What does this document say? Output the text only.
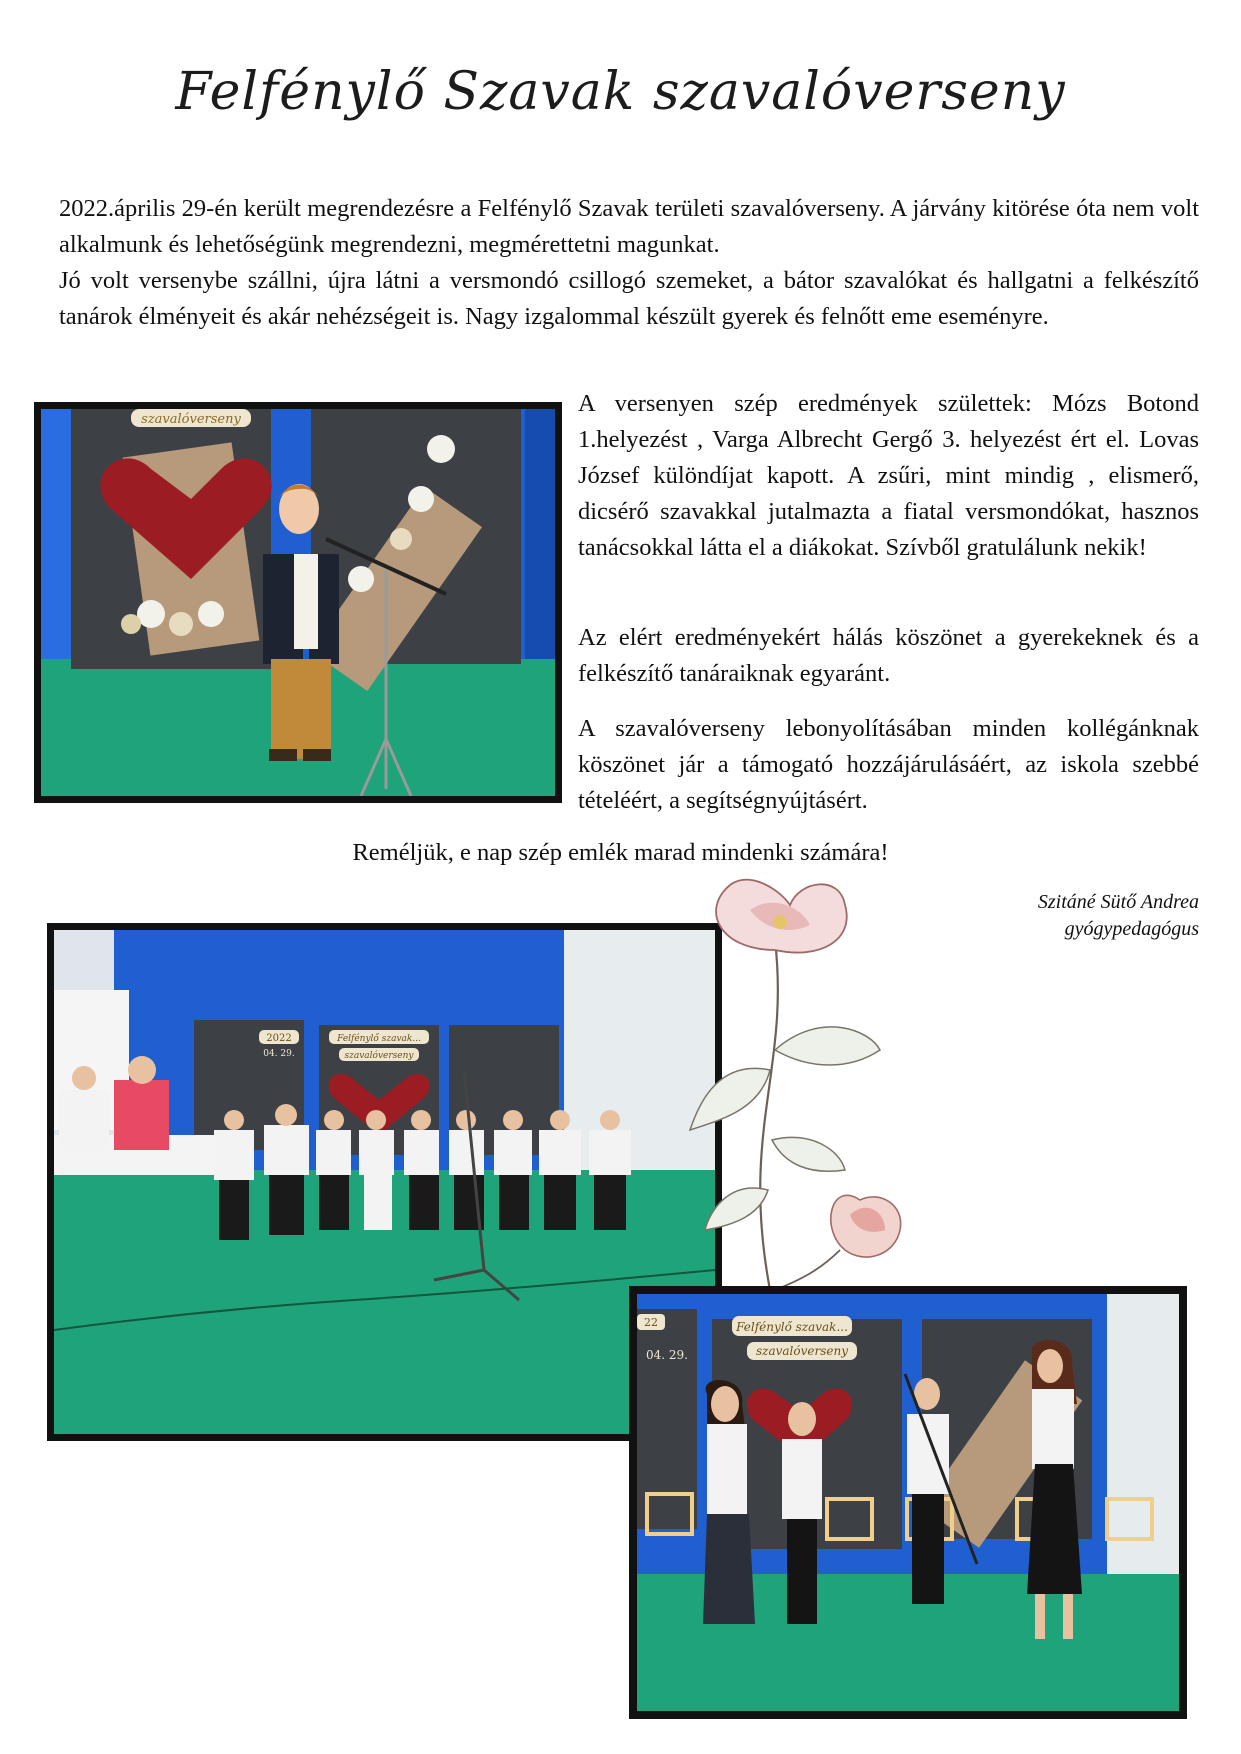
Felfénylő Szavak szavalóverseny

2022.április 29-én került megrendezésre a Felfénylő Szavak területi szavalóverseny. A járvány kitörése óta nem volt alkalmunk és lehetőségünk megrendezni, megmérettetni magunkat.

Jó volt versenybe szállni, újra látni a versmondó csillogó szemeket, a bátor szavalókat és hallgatni a felkészítő tanárok élményeit és akár nehézségeit is. Nagy izgalommal készült gyerek és felnőtt eme eseményre.

A versenyen szép eredmények születtek: Mózs Botond 1.helyezést , Varga Albrecht Gergő 3. helyezést ért el. Lovas József különdíjat kapott. A zsűri, mint mindig , elismerő, dicsérő szavakkal jutalmazta a fiatal versmondókat, hasznos tanácsokkal látta el a diákokat. Szívből gratulálunk nekik!

Az elért eredményekért hálás köszönet a gyerekeknek és a felkészítő tanáraiknak egyaránt.

A szavalóverseny lebonyolításában minden kollégánknak köszönet jár a támogató hozzájárulásáért, az iskola szebbé tételéért, a segítségnyújtásért.

Reméljük, e nap szép emlék marad mindenki számára!
Szitáné Sütő Andrea
gyógypedagógus
szavalóverseny
2022
04. 29.
Felfénylő szavak...
szavalóverseny
22
04. 29.
Felfénylő szavak...
szavalóverseny
